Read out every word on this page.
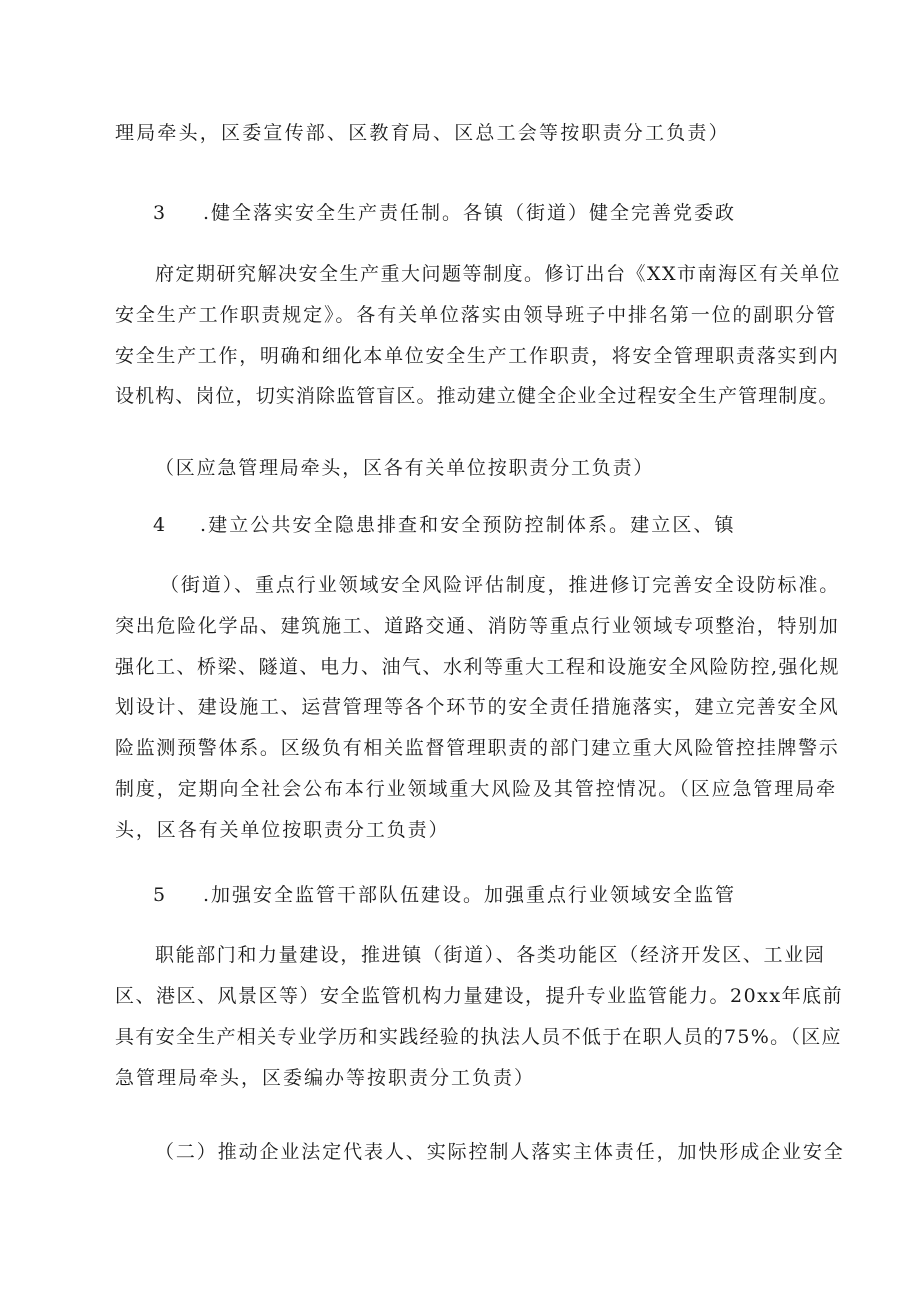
理局牵头，区委宣传部、区教育局、区总工会等按职责分工负责）
3 .健全落实安全生产责任制。各镇（街道）健全完善党委政
府定期研究解决安全生产重大问题等制度。修订出台《XX市南海区有关单位
安全生产工作职责规定》。各有关单位落实由领导班子中排名第一位的副职分管
安全生产工作，明确和细化本单位安全生产工作职责，将安全管理职责落实到内
设机构、岗位，切实消除监管盲区。推动建立健全企业全过程安全生产管理制度。
（区应急管理局牵头，区各有关单位按职责分工负责）
4 .建立公共安全隐患排查和安全预防控制体系。建立区、镇
（街道）、重点行业领域安全风险评估制度，推进修订完善安全设防标准。
突出危险化学品、建筑施工、道路交通、消防等重点行业领域专项整治，特别加
强化工、桥梁、隧道、电力、油气、水利等重大工程和设施安全风险防控,强化规
划设计、建设施工、运营管理等各个环节的安全责任措施落实，建立完善安全风
险监测预警体系。区级负有相关监督管理职责的部门建立重大风险管控挂牌警示
制度，定期向全社会公布本行业领域重大风险及其管控情况。（区应急管理局牵
头，区各有关单位按职责分工负责）
5 .加强安全监管干部队伍建设。加强重点行业领域安全监管
职能部门和力量建设，推进镇（街道）、各类功能区（经济开发区、工业园
区、港区、风景区等）安全监管机构力量建设，提升专业监管能力。20xx年底前
具有安全生产相关专业学历和实践经验的执法人员不低于在职人员的75%。（区应
急管理局牵头，区委编办等按职责分工负责）
（二）推动企业法定代表人、实际控制人落实主体责任，加快形成企业安全
